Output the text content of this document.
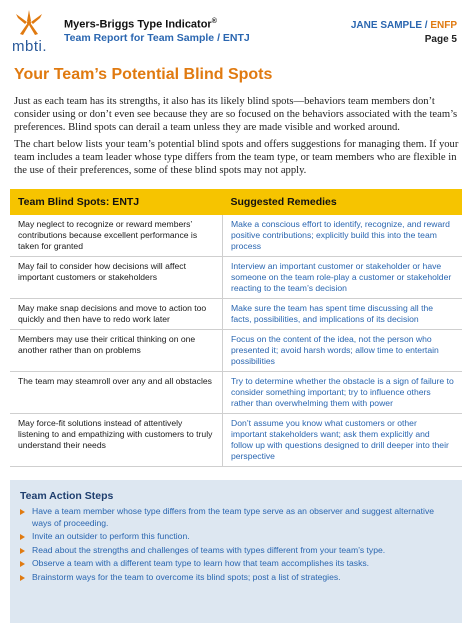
mbti.
Myers-Briggs Type Indicator®
Team Report for Team Sample / ENTJ
JANE SAMPLE / ENFP
Page 5
Your Team’s Potential Blind Spots
Just as each team has its strengths, it also has its likely blind spots—behaviors team members don’t consider using or don’t even see because they are so focused on the behaviors associated with the team’s preferences. Blind spots can derail a team unless they are made visible and worked around.
The chart below lists your team’s potential blind spots and offers suggestions for managing them. If your team includes a team leader whose type differs from the team type, or team members who are flexible in the use of their preferences, some of these blind spots may not apply.
Team Blind Spots: ENTJ	Suggested Remedies
May neglect to recognize or reward members’ contributions because excellent performance is taken for granted	Make a conscious effort to identify, recognize, and reward positive contributions; explicitly build this into the team process
May fail to consider how decisions will affect important customers or stakeholders	Interview an important customer or stakeholder or have someone on the team role-play a customer or stakeholder reacting to the team’s decision
May make snap decisions and move to action too quickly and then have to redo work later	Make sure the team has spent time discussing all the facts, possibilities, and implications of its decision
Members may use their critical thinking on one another rather than on problems	Focus on the content of the idea, not the person who presented it; avoid harsh words; allow time to entertain possibilities
The team may steamroll over any and all obstacles	Try to determine whether the obstacle is a sign of failure to consider something important; try to influence others rather than overwhelming them with power
May force-fit solutions instead of attentively listening to and empathizing with customers to truly understand their needs	Don’t assume you know what customers or other important stakeholders want; ask them explicitly and follow up with questions designed to drill deeper into their perspective
Team Action Steps
Have a team member whose type differs from the team type serve as an observer and suggest alternative ways of proceeding.
Invite an outsider to perform this function.
Read about the strengths and challenges of teams with types different from your team’s type.
Observe a team with a different team type to learn how that team accomplishes its tasks.
Brainstorm ways for the team to overcome its blind spots; post a list of strategies.
